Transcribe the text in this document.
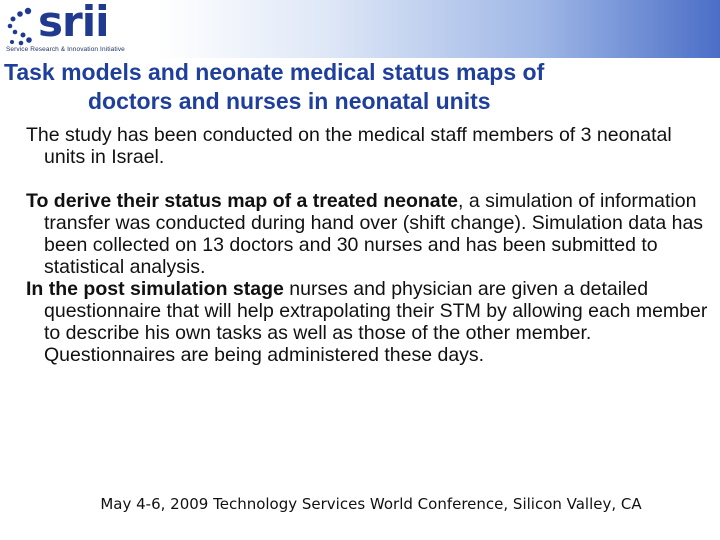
srii
Service Research & Innovation Initiative
Task models and neonate medical status maps of
doctors and nurses in neonatal units

The study has been conducted on the medical staff members of 3 neonatal units in Israel.

To derive their status map of a treated neonate, a simulation of information transfer was conducted during hand over (shift change). Simulation data has been collected on 13 doctors and 30 nurses and has been submitted to statistical analysis.

In the post simulation stage nurses and physician are given a detailed questionnaire that will help extrapolating their STM by allowing each member to describe his own tasks as well as those of the other member. Questionnaires are being administered these days.

May 4-6, 2009 Technology Services World Conference, Silicon Valley, CA
